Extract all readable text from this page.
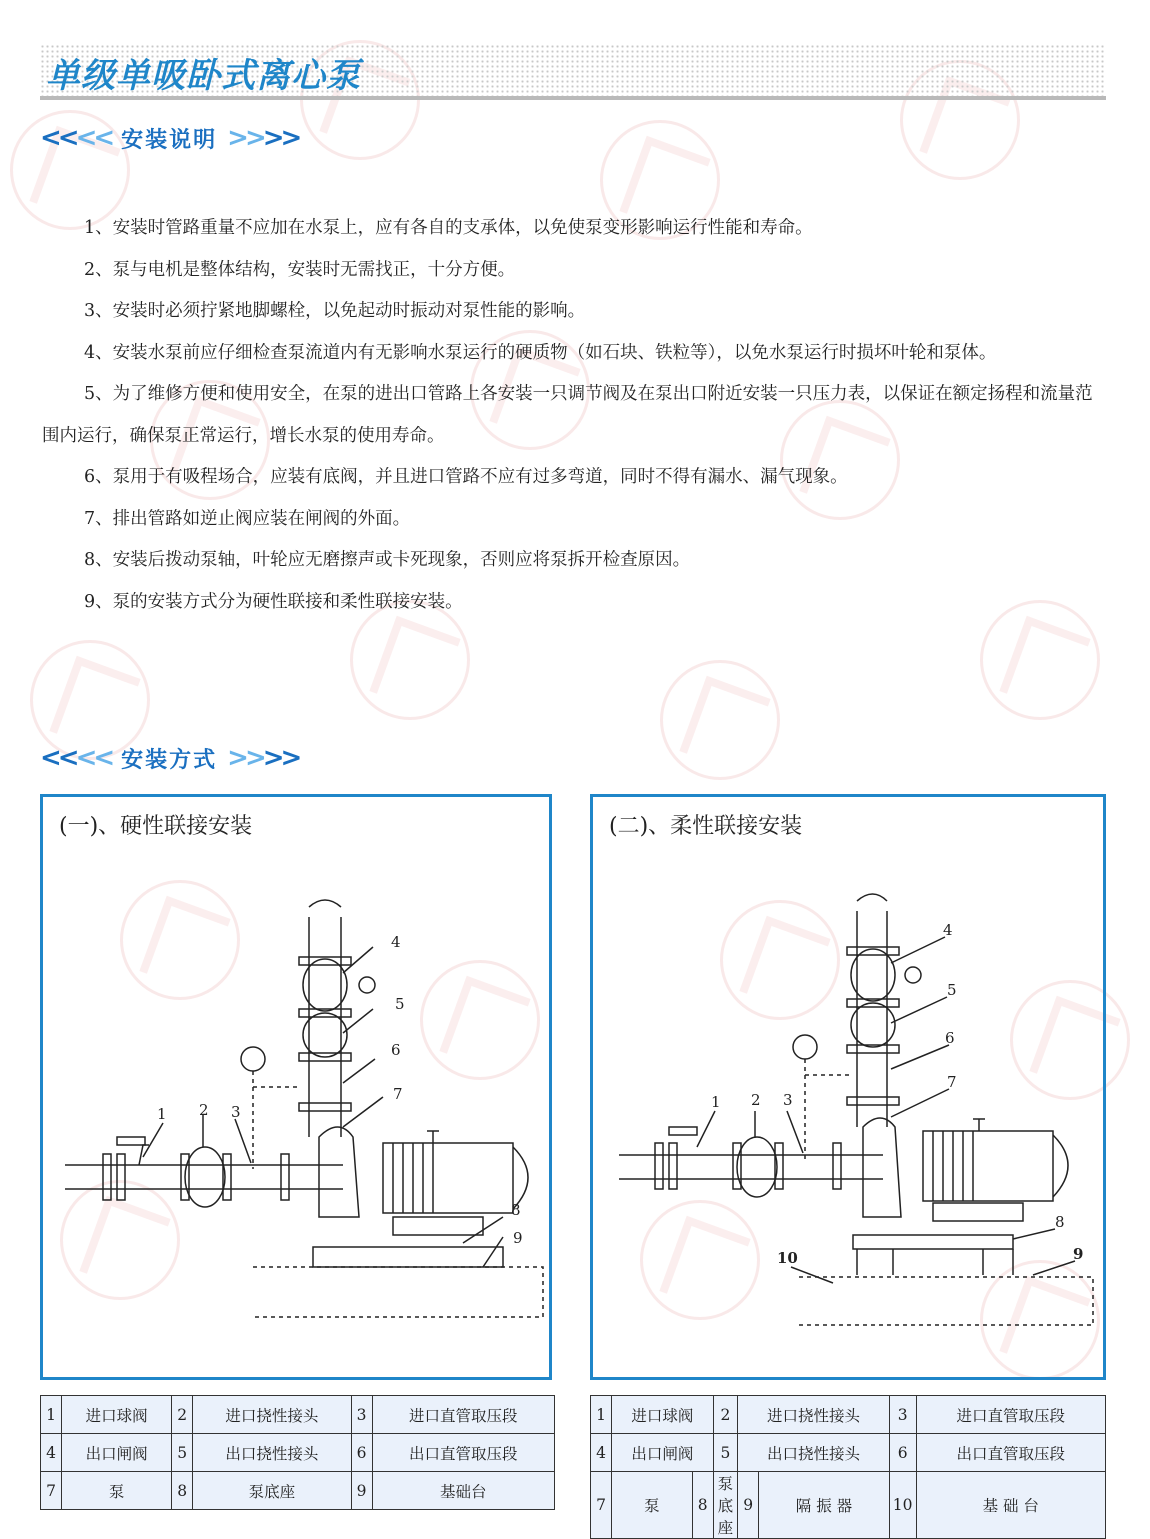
单级单吸卧式离心泵
<< << 安装说明 >> >>

1、安装时管路重量不应加在水泵上，应有各自的支承体，以免使泵变形影响运行性能和寿命。

2、泵与电机是整体结构，安装时无需找正，十分方便。

3、安装时必须拧紧地脚螺栓，以免起动时振动对泵性能的影响。

4、安装水泵前应仔细检查泵流道内有无影响水泵运行的硬质物（如石块、铁粒等），以免水泵运行时损坏叶轮和泵体。

5、为了维修方便和使用安全，在泵的进出口管路上各安装一只调节阀及在泵出口附近安装一只压力表，以保证在额定扬程和流量范围内运行，确保泵正常运行，增长水泵的使用寿命。

6、泵用于有吸程场合，应装有底阀，并且进口管路不应有过多弯道，同时不得有漏水、漏气现象。

7、排出管路如逆止阀应装在闸阀的外面。

8、安装后拨动泵轴，叶轮应无磨擦声或卡死现象，否则应将泵拆开检查原因。

9、泵的安装方式分为硬性联接和柔性联接安装。

<< << 安装方式 >> >>
(一)、硬性联接安装
1 2 3
4
5
6
7
8
9
(二)、柔性联接安装
1 2 3
4
5
6
7
8
9
10
1	进口球阀	2	进口挠性接头	3	进口直管取压段
4	出口闸阀	5	出口挠性接头	6	出口直管取压段
7	泵	8	泵底座	9	基础台
1	进口球阀		2	进口挠性接头		3	进口直管取压段
4	出口闸阀		5	出口挠性接头		6	出口直管取压段
7	泵	8	泵 底 座	9	隔 振 器	10	基 础 台
